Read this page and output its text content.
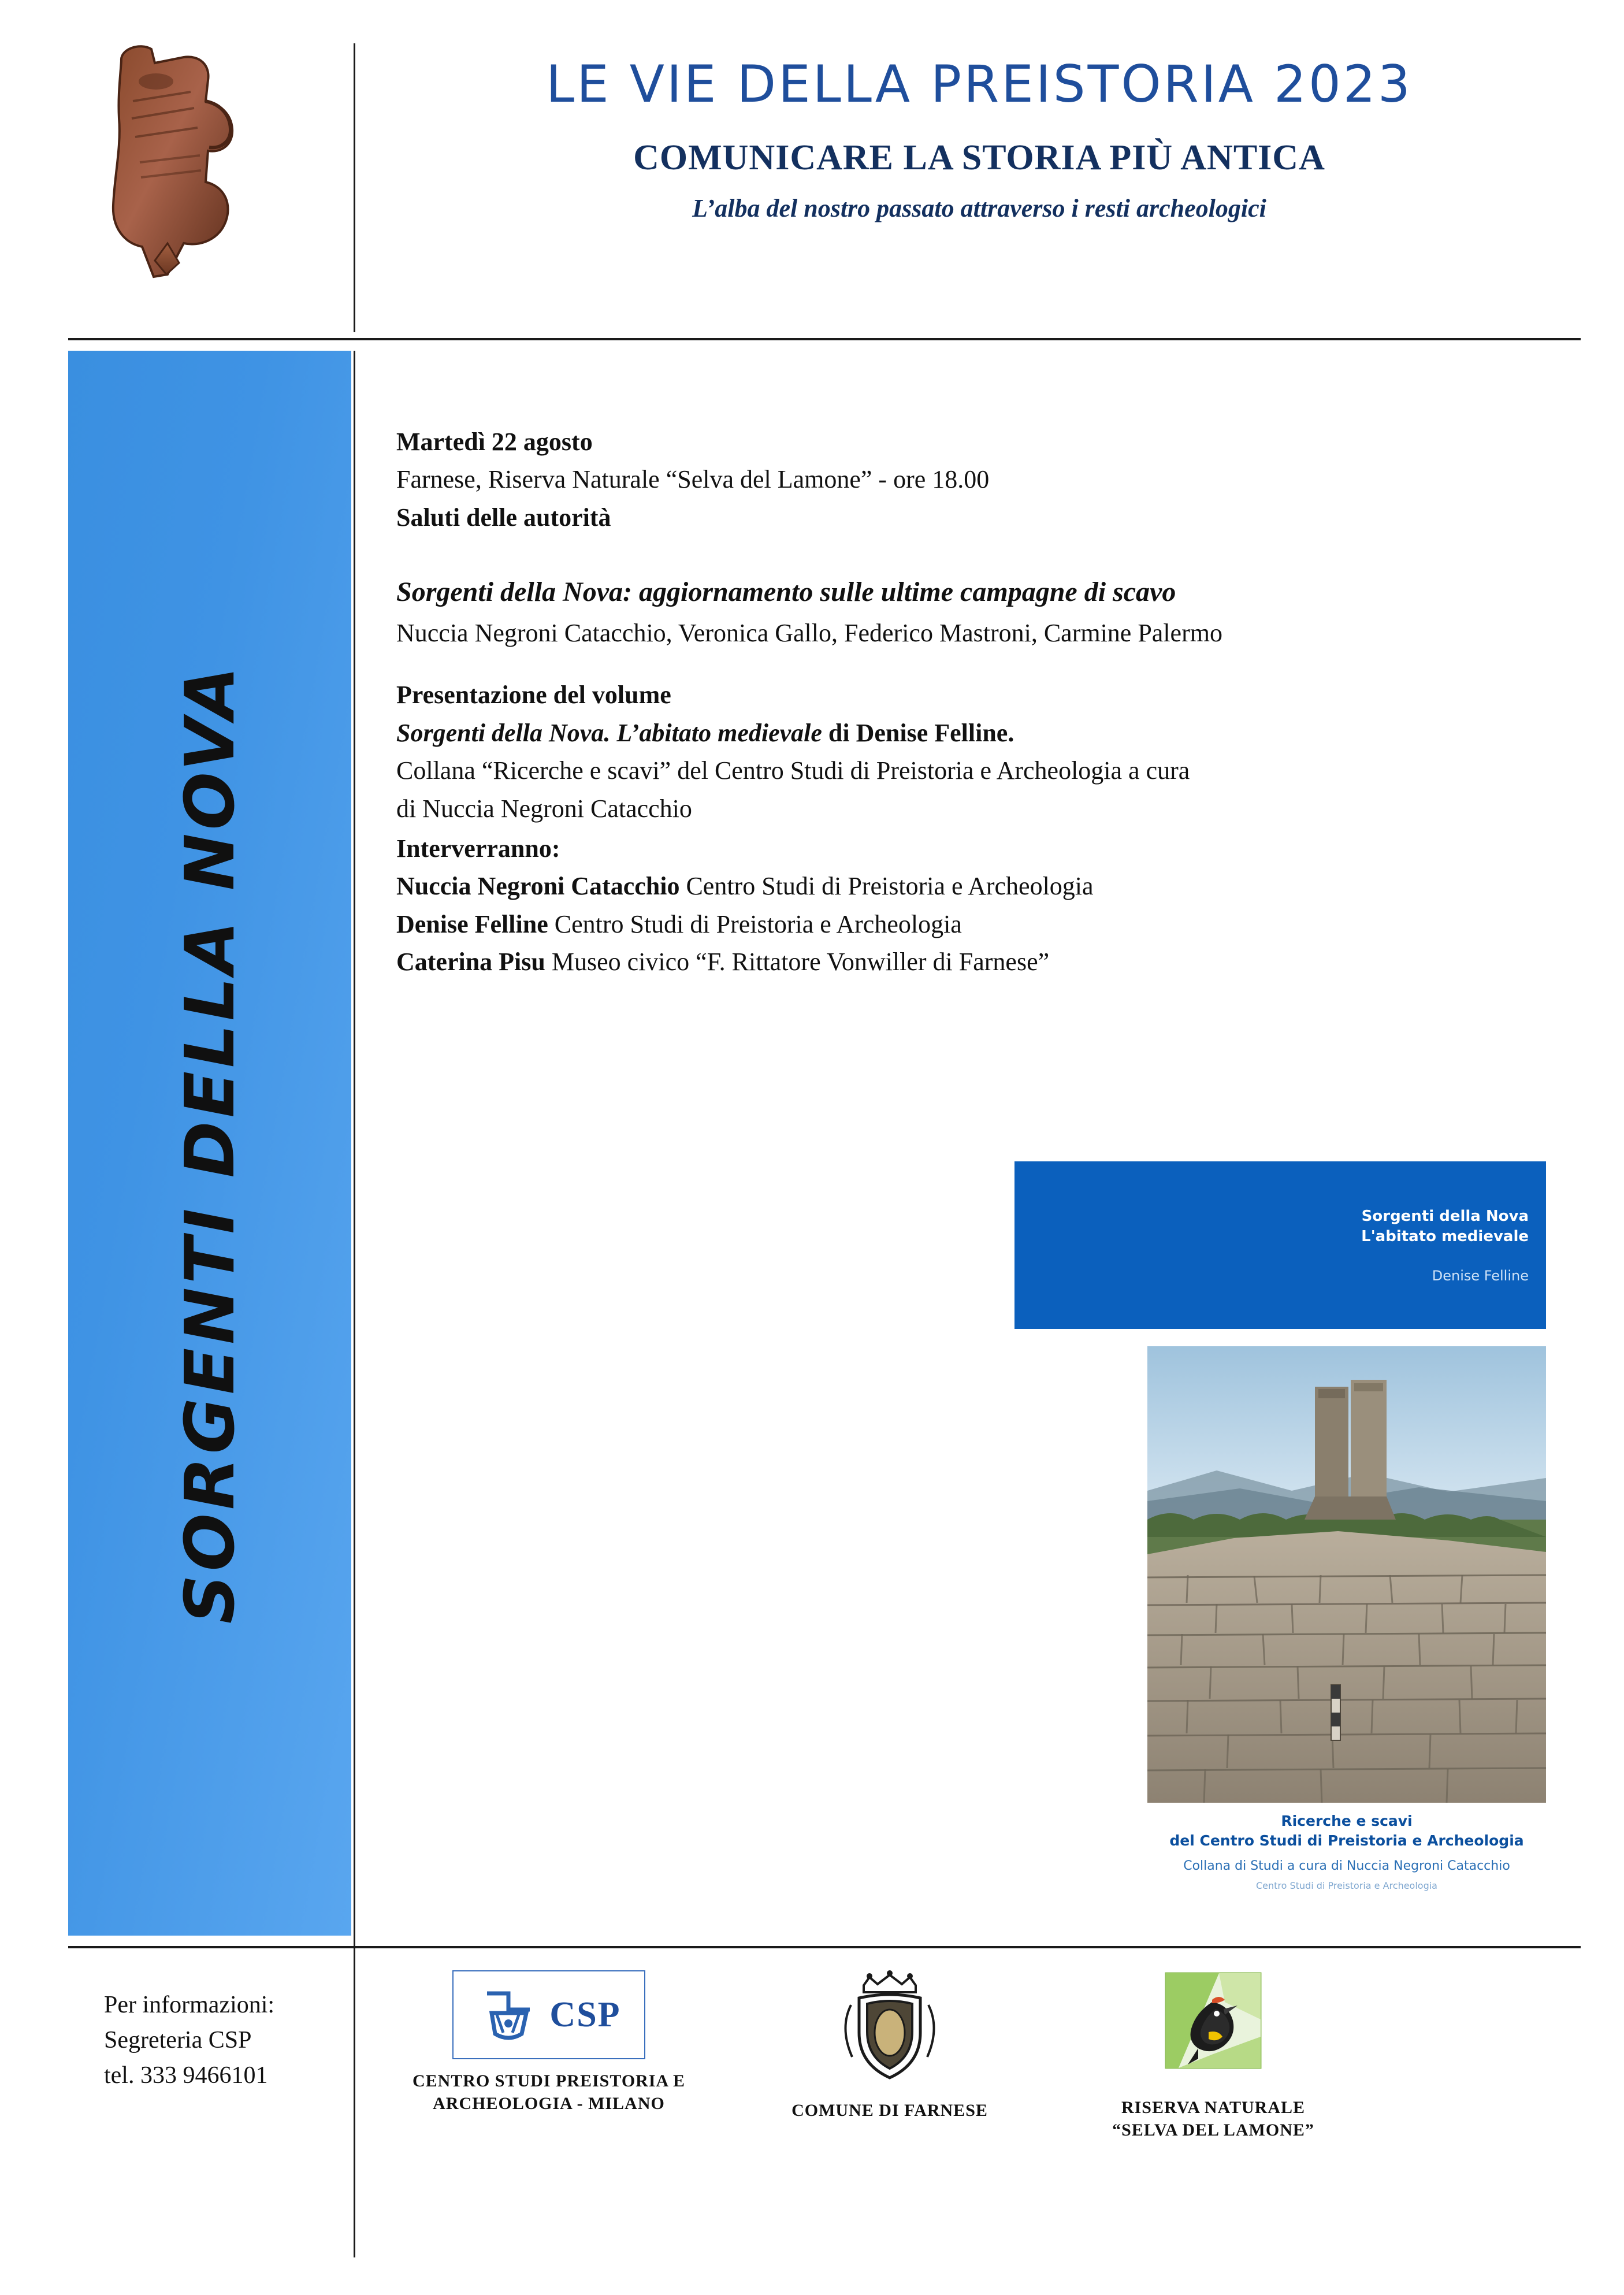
LE VIE DELLA PREISTORIA 2023
COMUNICARE LA STORIA PIÙ ANTICA
L’alba del nostro passato attraverso i resti archeologici
SORGENTI DELLA NOVA
Martedì 22 agosto
Farnese, Riserva Naturale “Selva del Lamone” - ore 18.00
Saluti delle autorità
Sorgenti della Nova: aggiornamento sulle ultime campagne di scavo
Nuccia Negroni Catacchio, Veronica Gallo, Federico Mastroni, Carmine Palermo
Presentazione del volume
Sorgenti della Nova. L’abitato medievale di Denise Felline.
Collana “Ricerche e scavi” del Centro Studi di Preistoria e Archeologia a cura
di Nuccia Negroni Catacchio
Interverranno:
Nuccia Negroni Catacchio Centro Studi di Preistoria e Archeologia
Denise Felline Centro Studi di Preistoria e Archeologia
Caterina Pisu Museo civico “F. Rittatore Vonwiller di Farnese”
Sorgenti della Nova
L'abitato medievale
Denise Felline
Ricerche e scavi
del Centro Studi di Preistoria e Archeologia
Collana di Studi a cura di Nuccia Negroni Catacchio
Centro Studi di Preistoria e Archeologia
Per informazioni:
Segreteria CSP
tel. 333 9466101
CSP
CENTRO STUDI PREISTORIA E
ARCHEOLOGIA - MILANO	COMUNE DI FARNESE	RISERVA NATURALE
“SELVA DEL LAMONE”
